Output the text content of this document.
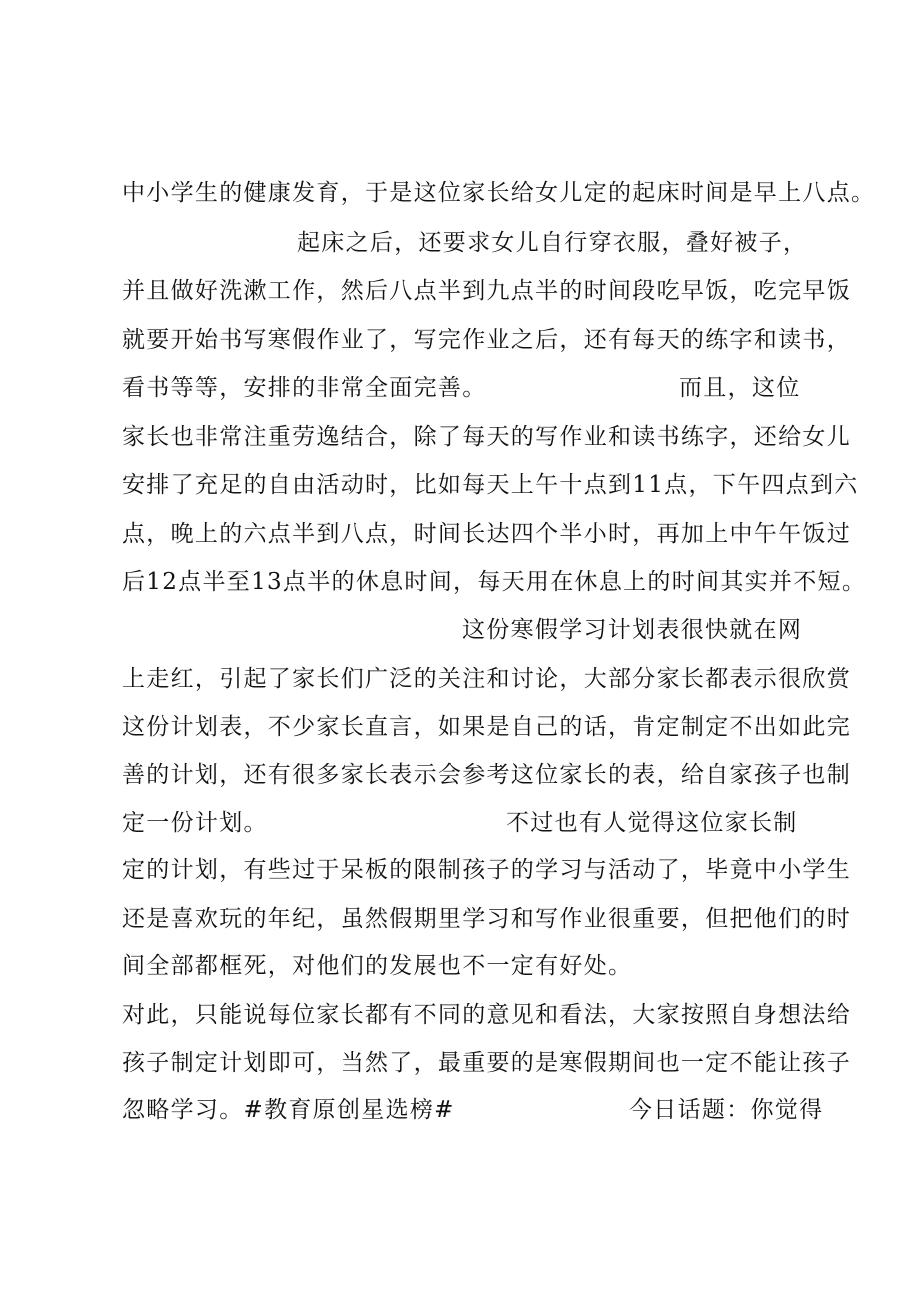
中小学生的健康发育，于是这位家长给女儿定的起床时间是早上八点。
起床之后，还要求女儿自行穿衣服，叠好被子，
并且做好洗漱工作，然后八点半到九点半的时间段吃早饭，吃完早饭
就要开始书写寒假作业了，写完作业之后，还有每天的练字和读书，
看书等等，安排的非常全面完善。	而且，这位
家长也非常注重劳逸结合，除了每天的写作业和读书练字，还给女儿
安排了充足的自由活动时，比如每天上午十点到11点，下午四点到六
点，晚上的六点半到八点，时间长达四个半小时，再加上中午午饭过
后12点半至13点半的休息时间，每天用在休息上的时间其实并不短。
这份寒假学习计划表很快就在网
上走红，引起了家长们广泛的关注和讨论，大部分家长都表示很欣赏
这份计划表，不少家长直言，如果是自己的话，肯定制定不出如此完
善的计划，还有很多家长表示会参考这位家长的表，给自家孩子也制
定一份计划。	不过也有人觉得这位家长制
定的计划，有些过于呆板的限制孩子的学习与活动了，毕竟中小学生
还是喜欢玩的年纪，虽然假期里学习和写作业很重要，但把他们的时
间全部都框死，对他们的发展也不一定有好处。
对此，只能说每位家长都有不同的意见和看法，大家按照自身想法给
孩子制定计划即可，当然了，最重要的是寒假期间也一定不能让孩子
忽略学习。#教育原创星选榜#	今日话题：你觉得
